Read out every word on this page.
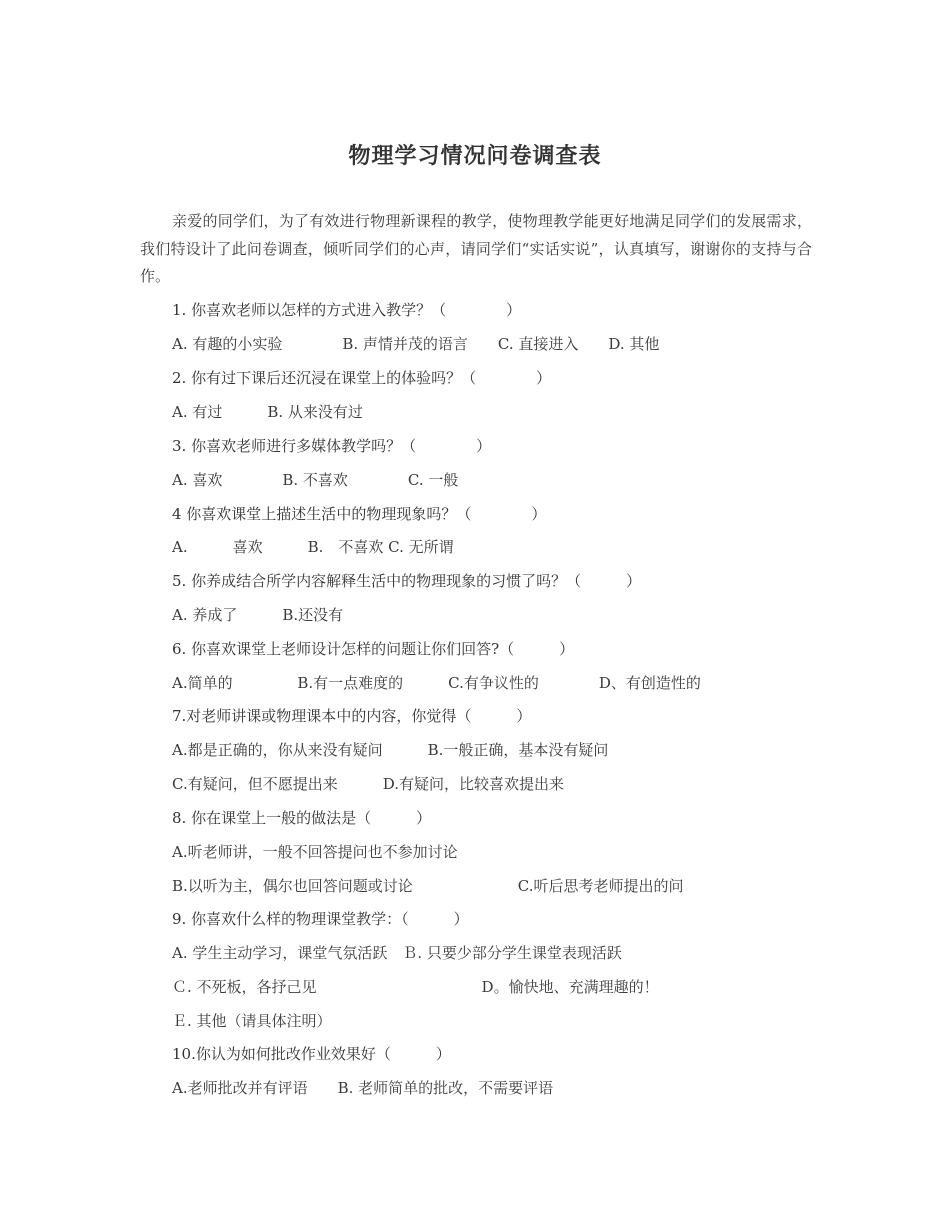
物理学习情况问卷调查表
亲爱的同学们，为了有效进行物理新课程的教学，使物理教学能更好地满足同学们的发展需求，我们特设计了此问卷调查，倾听同学们的心声，请同学们“实话实说”，认真填写，谢谢你的支持与合作。
1. 你喜欢老师以怎样的方式进入教学？（　　　　）
A. 有趣的小实验　　　　B. 声情并茂的语言　　C. 直接进入　　D. 其他
2. 你有过下课后还沉浸在课堂上的体验吗？（　　　　）
A. 有过　　　B. 从来没有过
3. 你喜欢老师进行多媒体教学吗？（　　　　）
A. 喜欢　　　　B. 不喜欢　　　　C. 一般
4 你喜欢课堂上描述生活中的物理现象吗？（　　　　）
A.　　　喜欢　　　B.　不喜欢 C. 无所谓
5. 你养成结合所学内容解释生活中的物理现象的习惯了吗？（　　　）
A. 养成了　　　B.还没有
6. 你喜欢课堂上老师设计怎样的问题让你们回答?（　　　）
A.简单的　　　　 B.有一点难度的　　　C.有争议性的　　　　D、有创造性的
7.对老师讲课或物理课本中的内容，你觉得（　　　）
A.都是正确的，你从来没有疑问　　　B.一般正确，基本没有疑问
C.有疑问，但不愿提出来　　　D.有疑问，比较喜欢提出来
8. 你在课堂上一般的做法是（　　　）
A.听老师讲，一般不回答提问也不参加讨论
B.以听为主，偶尔也回答问题或讨论　　　　　　　C.听后思考老师提出的问
9. 你喜欢什么样的物理课堂教学：（　　　）
A. 学生主动学习，课堂气氛活跃　Ｂ. 只要少部分学生课堂表现活跃
Ｃ. 不死板，各抒己见　　　　　　　　　　　D。愉快地、充满理趣的！
Ｅ. 其他（请具体注明）
10.你认为如何批改作业效果好（　　　）
A.老师批改并有评语　　B. 老师简单的批改，不需要评语
